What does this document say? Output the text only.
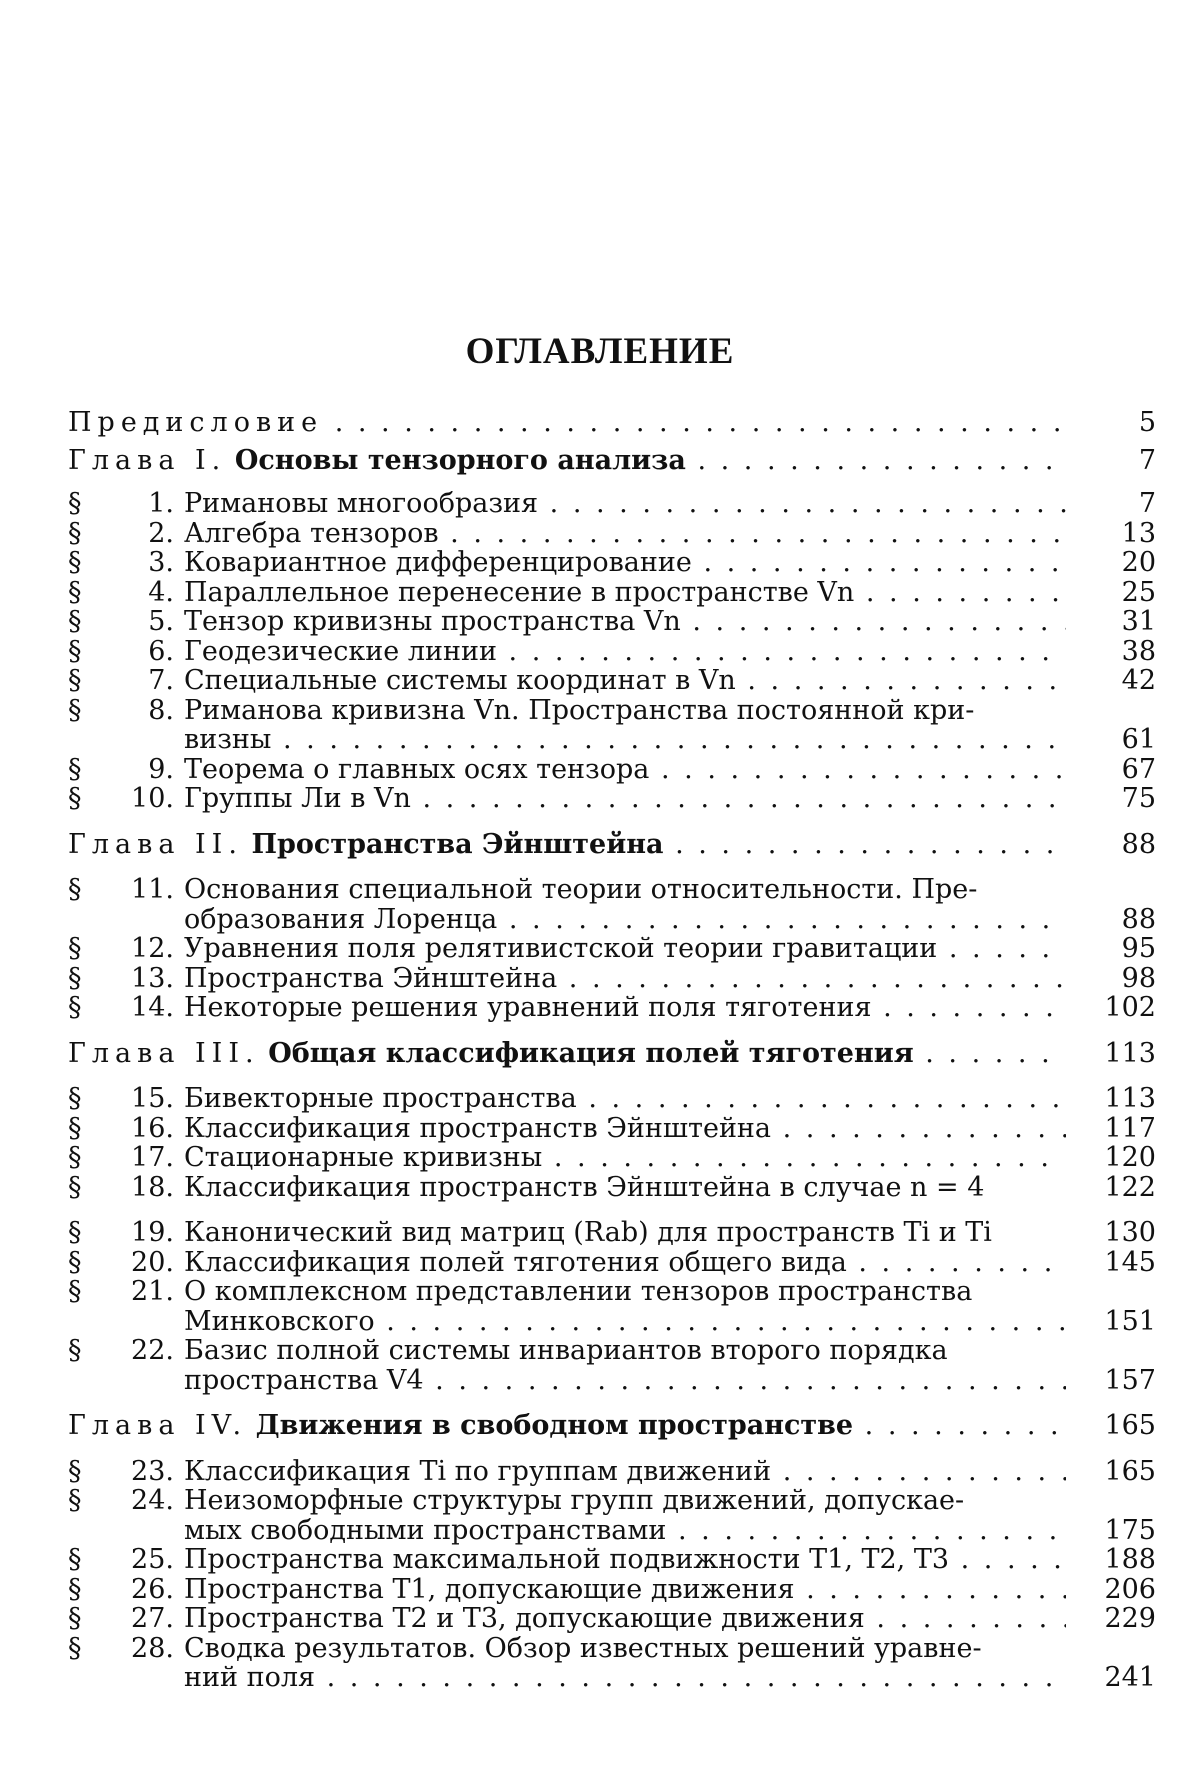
ОГЛАВЛЕНИЕ
Предисловие . . .	5
Глава I. Основы тензорного анализа . . .	7
§ 1. Римановы многообразия . . .	7
§ 2. Алгебра тензоров . . .	13
§ 3. Ковариантное дифференцирование . . .	20
§ 4. Параллельное перенесение в пространстве Vn . . .	25
§ 5. Тензор кривизны пространства Vn . . .	31
§ 6. Геодезические линии . . .	38
§ 7. Специальные системы координат в Vn . . .	42
§ 8. Риманова кривизна Vn. Пространства постоянной кри-
визны . . .	61
§ 9. Теорема о главных осях тензора . . .	67
§ 10. Группы Ли в Vn . . .	75
Глава II. Пространства Эйнштейна . . .	88
§ 11. Основания специальной теории относительности. Пре-
образования Лоренца . . .	88
§ 12. Уравнения поля релятивистской теории гравитации . . .	95
§ 13. Пространства Эйнштейна . . .	98
§ 14. Некоторые решения уравнений поля тяготения . . .	102
Глава III. Общая классификация полей тяготения . . .	113
§ 15. Бивекторные пространства . . .	113
§ 16. Классификация пространств Эйнштейна . . .	117
§ 17. Стационарные кривизны . . .	120
§ 18. Классификация пространств Эйнштейна в случае n = 4	122
§ 19. Канонический вид матриц (Rab) для пространств Ti и Ti	130
§ 20. Классификация полей тяготения общего вида . . .	145
§ 21. О комплексном представлении тензоров пространства
Минковского . . .	151
§ 22. Базис полной системы инвариантов второго порядка
пространства V4 . . .	157
Глава IV. Движения в свободном пространстве . . .	165
§ 23. Классификация Ti по группам движений . . .	165
§ 24. Неизоморфные структуры групп движений, допускае-
мых свободными пространствами . . .	175
§ 25. Пространства максимальной подвижности T1, T2, T3 . . .	188
§ 26. Пространства T1, допускающие движения . . .	206
§ 27. Пространства T2 и T3, допускающие движения . . .	229
§ 28. Сводка результатов. Обзор известных решений уравне-
ний поля . . .	241
